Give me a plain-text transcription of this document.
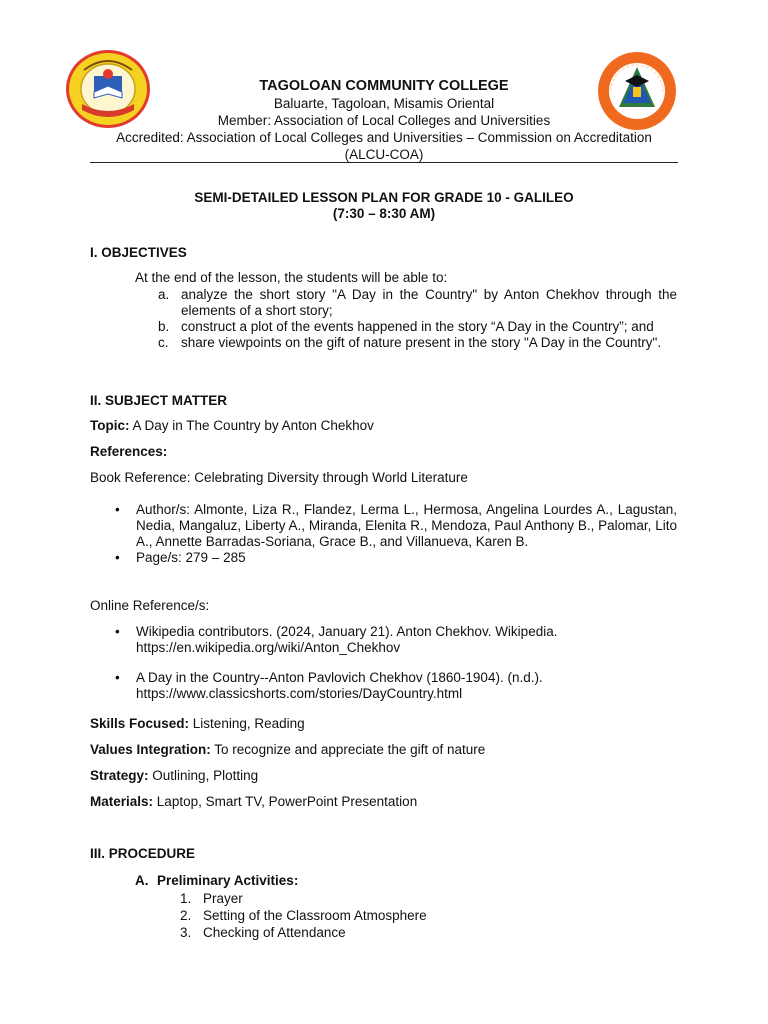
TAGOLOAN COMMUNITY COLLEGE
Baluarte, Tagoloan, Misamis Oriental
Member: Association of Local Colleges and Universities
Accredited: Association of Local Colleges and Universities – Commission on Accreditation (ALCU-COA)
SEMI-DETAILED LESSON PLAN FOR GRADE 10 - GALILEO
(7:30 – 8:30 AM)
I. OBJECTIVES
At the end of the lesson, the students will be able to:
a. analyze the short story "A Day in the Country" by Anton Chekhov through the elements of a short story;
b. construct a plot of the events happened in the story “A Day in the Country”; and
c. share viewpoints on the gift of nature present in the story "A Day in the Country".
II. SUBJECT MATTER
Topic: A Day in The Country by Anton Chekhov
References:
Book Reference: Celebrating Diversity through World Literature
• Author/s: Almonte, Liza R., Flandez, Lerma L., Hermosa, Angelina Lourdes A., Lagustan, Nedia, Mangaluz, Liberty A., Miranda, Elenita R., Mendoza, Paul Anthony B., Palomar, Lito A., Annette Barradas-Soriana, Grace B., and Villanueva, Karen B.
• Page/s: 279 – 285
Online Reference/s:
• Wikipedia contributors. (2024, January 21). Anton Chekhov. Wikipedia.
https://en.wikipedia.org/wiki/Anton_Chekhov
• A Day in the Country--Anton Pavlovich Chekhov (1860-1904). (n.d.).
https://www.classicshorts.com/stories/DayCountry.html
Skills Focused: Listening, Reading
Values Integration: To recognize and appreciate the gift of nature
Strategy: Outlining, Plotting
Materials: Laptop, Smart TV, PowerPoint Presentation
III. PROCEDURE
A. Preliminary Activities:
1. Prayer
2. Setting of the Classroom Atmosphere
3. Checking of Attendance
